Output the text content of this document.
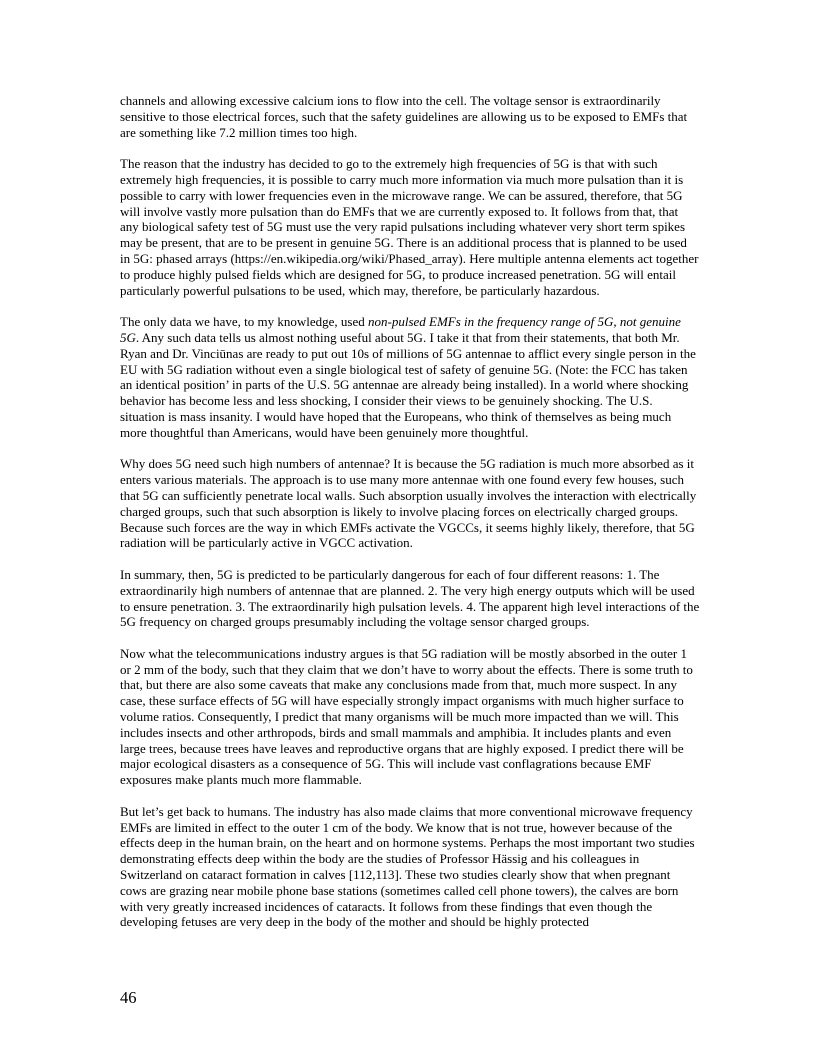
channels and allowing excessive calcium ions to flow into the cell. The voltage sensor is extraordinarily sensitive to those electrical forces, such that the safety guidelines are allowing us to be exposed to EMFs that are something like 7.2 million times too high.

The reason that the industry has decided to go to the extremely high frequencies of 5G is that with such extremely high frequencies, it is possible to carry much more information via much more pulsation than it is possible to carry with lower frequencies even in the microwave range. We can be assured, therefore, that 5G will involve vastly more pulsation than do EMFs that we are currently exposed to. It follows from that, that any biological safety test of 5G must use the very rapid pulsations including whatever very short term spikes may be present, that are to be present in genuine 5G. There is an additional process that is planned to be used in 5G: phased arrays (https://en.wikipedia.org/wiki/Phased_array). Here multiple antenna elements act together to produce highly pulsed fields which are designed for 5G, to produce increased penetration. 5G will entail particularly powerful pulsations to be used, which may, therefore, be particularly hazardous.

The only data we have, to my knowledge, used non-pulsed EMFs in the frequency range of 5G, not genuine 5G. Any such data tells us almost nothing useful about 5G. I take it that from their statements, that both Mr. Ryan and Dr. Vinciūnas are ready to put out 10s of millions of 5G antennae to afflict every single person in the EU with 5G radiation without even a single biological test of safety of genuine 5G. (Note: the FCC has taken an identical position’ in parts of the U.S. 5G antennae are already being installed). In a world where shocking behavior has become less and less shocking, I consider their views to be genuinely shocking. The U.S. situation is mass insanity. I would have hoped that the Europeans, who think of themselves as being much more thoughtful than Americans, would have been genuinely more thoughtful.

Why does 5G need such high numbers of antennae? It is because the 5G radiation is much more absorbed as it enters various materials. The approach is to use many more antennae with one found every few houses, such that 5G can sufficiently penetrate local walls. Such absorption usually involves the interaction with electrically charged groups, such that such absorption is likely to involve placing forces on electrically charged groups. Because such forces are the way in which EMFs activate the VGCCs, it seems highly likely, therefore, that 5G radiation will be particularly active in VGCC activation.

In summary, then, 5G is predicted to be particularly dangerous for each of four different reasons: 1. The extraordinarily high numbers of antennae that are planned. 2. The very high energy outputs which will be used to ensure penetration. 3. The extraordinarily high pulsation levels. 4. The apparent high level interactions of the 5G frequency on charged groups presumably including the voltage sensor charged groups.

Now what the telecommunications industry argues is that 5G radiation will be mostly absorbed in the outer 1 or 2 mm of the body, such that they claim that we don’t have to worry about the effects. There is some truth to that, but there are also some caveats that make any conclusions made from that, much more suspect. In any case, these surface effects of 5G will have especially strongly impact organisms with much higher surface to volume ratios. Consequently, I predict that many organisms will be much more impacted than we will. This includes insects and other arthropods, birds and small mammals and amphibia. It includes plants and even large trees, because trees have leaves and reproductive organs that are highly exposed. I predict there will be major ecological disasters as a consequence of 5G. This will include vast conflagrations because EMF exposures make plants much more flammable.

But let’s get back to humans. The industry has also made claims that more conventional microwave frequency EMFs are limited in effect to the outer 1 cm of the body. We know that is not true, however because of the effects deep in the human brain, on the heart and on hormone systems. Perhaps the most important two studies demonstrating effects deep within the body are the studies of Professor Hässig and his colleagues in Switzerland on cataract formation in calves [112,113]. These two studies clearly show that when pregnant cows are grazing near mobile phone base stations (sometimes called cell phone towers), the calves are born with very greatly increased incidences of cataracts. It follows from these findings that even though the developing fetuses are very deep in the body of the mother and should be highly protected

46
